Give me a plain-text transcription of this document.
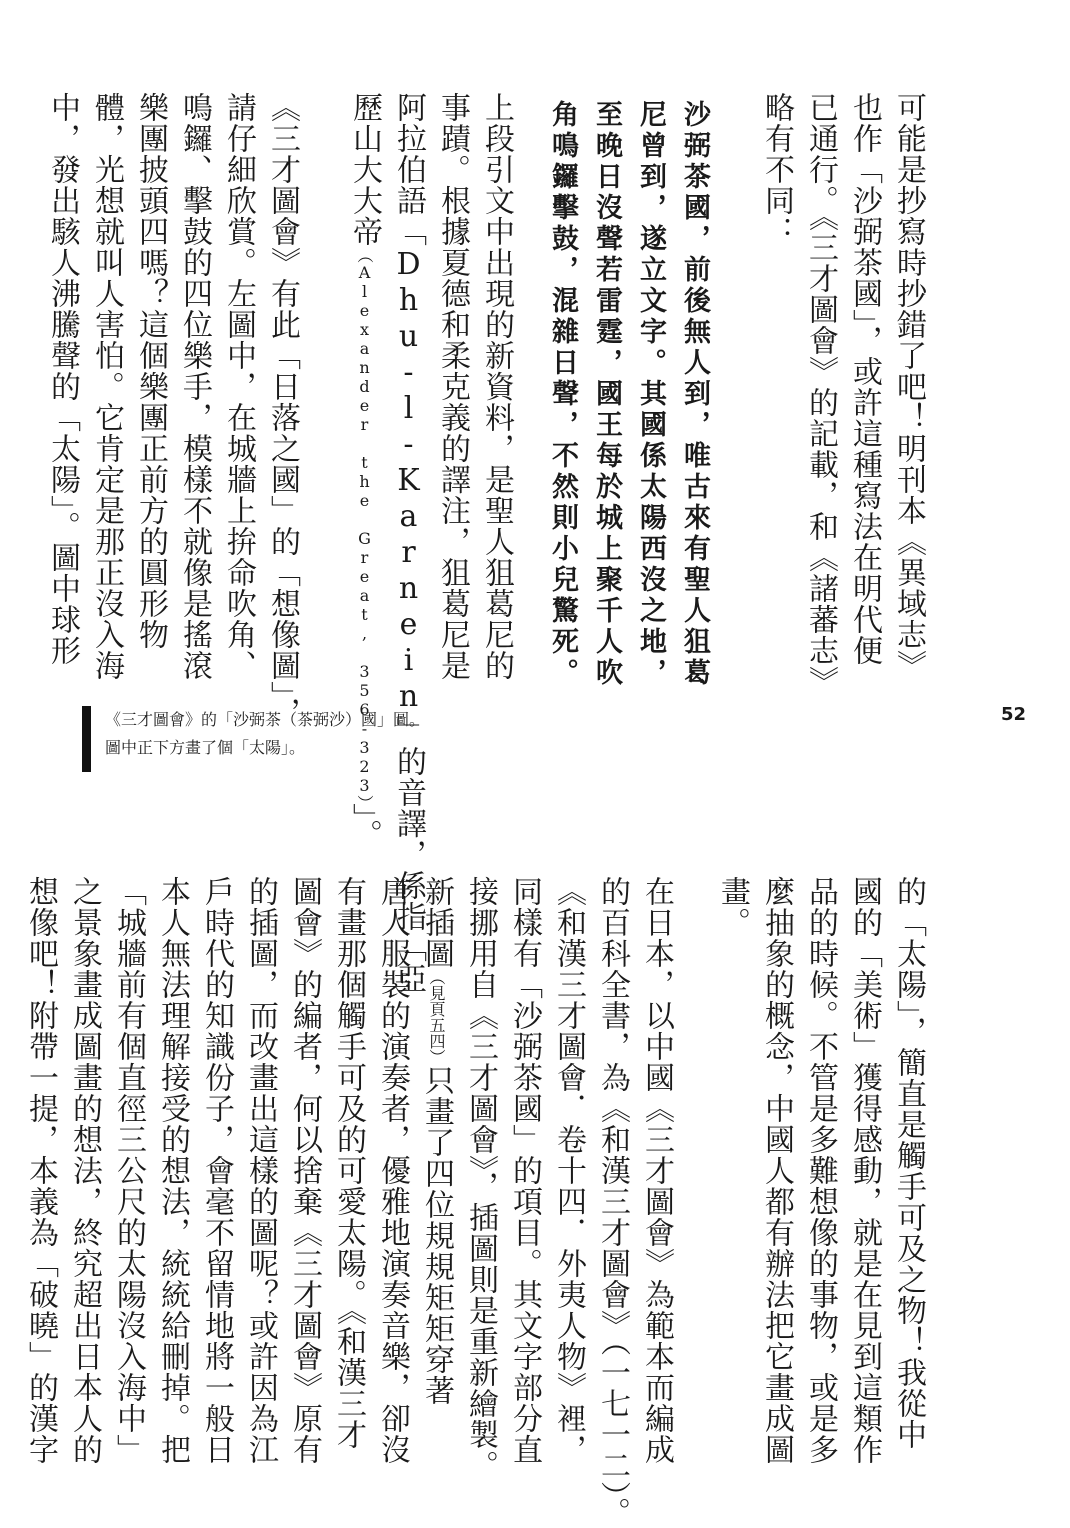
可能是抄寫時抄錯了吧！明刊本《異域志》
也作「沙弼茶國」，或許這種寫法在明代便
已通行。《三才圖會》的記載，和《諸蕃志》
略有不同：
沙弼茶國，前後無人到，唯古來有聖人狙葛
尼曾到，遂立文字。其國係太陽西沒之地，
至晚日沒聲若雷霆，國王每於城上聚千人吹
角鳴鑼擊鼓，混雜日聲，不然則小兒驚死。
上段引文中出現的新資料，是聖人狙葛尼的
事蹟。根據夏德和柔克義的譯注，狙葛尼是
阿拉伯語「Dhu-l-Karnein」的音譯，係指「亞
歷山大大帝（Alexander the Great, 356-323）」。
《三才圖會》有此「日落之國」的「想像圖」，
請仔細欣賞。左圖中，在城牆上拚命吹角、
鳴鑼、擊鼓的四位樂手，模樣不就像是搖滾
樂團披頭四嗎？這個樂團正前方的圓形物
體，光想就叫人害怕。它肯定是那正沒入海
中，發出駭人沸騰聲的「太陽」。圖中球形
《三才圖會》的「沙弼茶（茶弼沙）國」圖。
圖中正下方畫了個「太陽」。
52
的「太陽」，簡直是觸手可及之物！我從中
國的「美術」獲得感動，就是在見到這類作
品的時候。不管是多難想像的事物，或是多
麼抽象的概念，中國人都有辦法把它畫成圖
畫。
在日本，以中國《三才圖會》為範本而編成
的百科全書，為《和漢三才圖會》（一七一二）。
《和漢三才圖會．卷十四．外夷人物》裡，
同樣有「沙弼茶國」的項目。其文字部分直
接挪用自《三才圖會》，插圖則是重新繪製。
新插圖（見頁五四）只畫了四位規規矩矩穿著
唐人服裝的演奏者，優雅地演奏音樂，卻沒
有畫那個觸手可及的可愛太陽。《和漢三才
圖會》的編者，何以捨棄《三才圖會》原有
的插圖，而改畫出這樣的圖呢？或許因為江
戶時代的知識份子，會毫不留情地將一般日
本人無法理解接受的想法，統統給刪掉。把
「城牆前有個直徑三公尺的太陽沒入海中」
之景象畫成圖畫的想法，終究超出日本人的
想像吧！附帶一提，本義為「破曉」的漢字
